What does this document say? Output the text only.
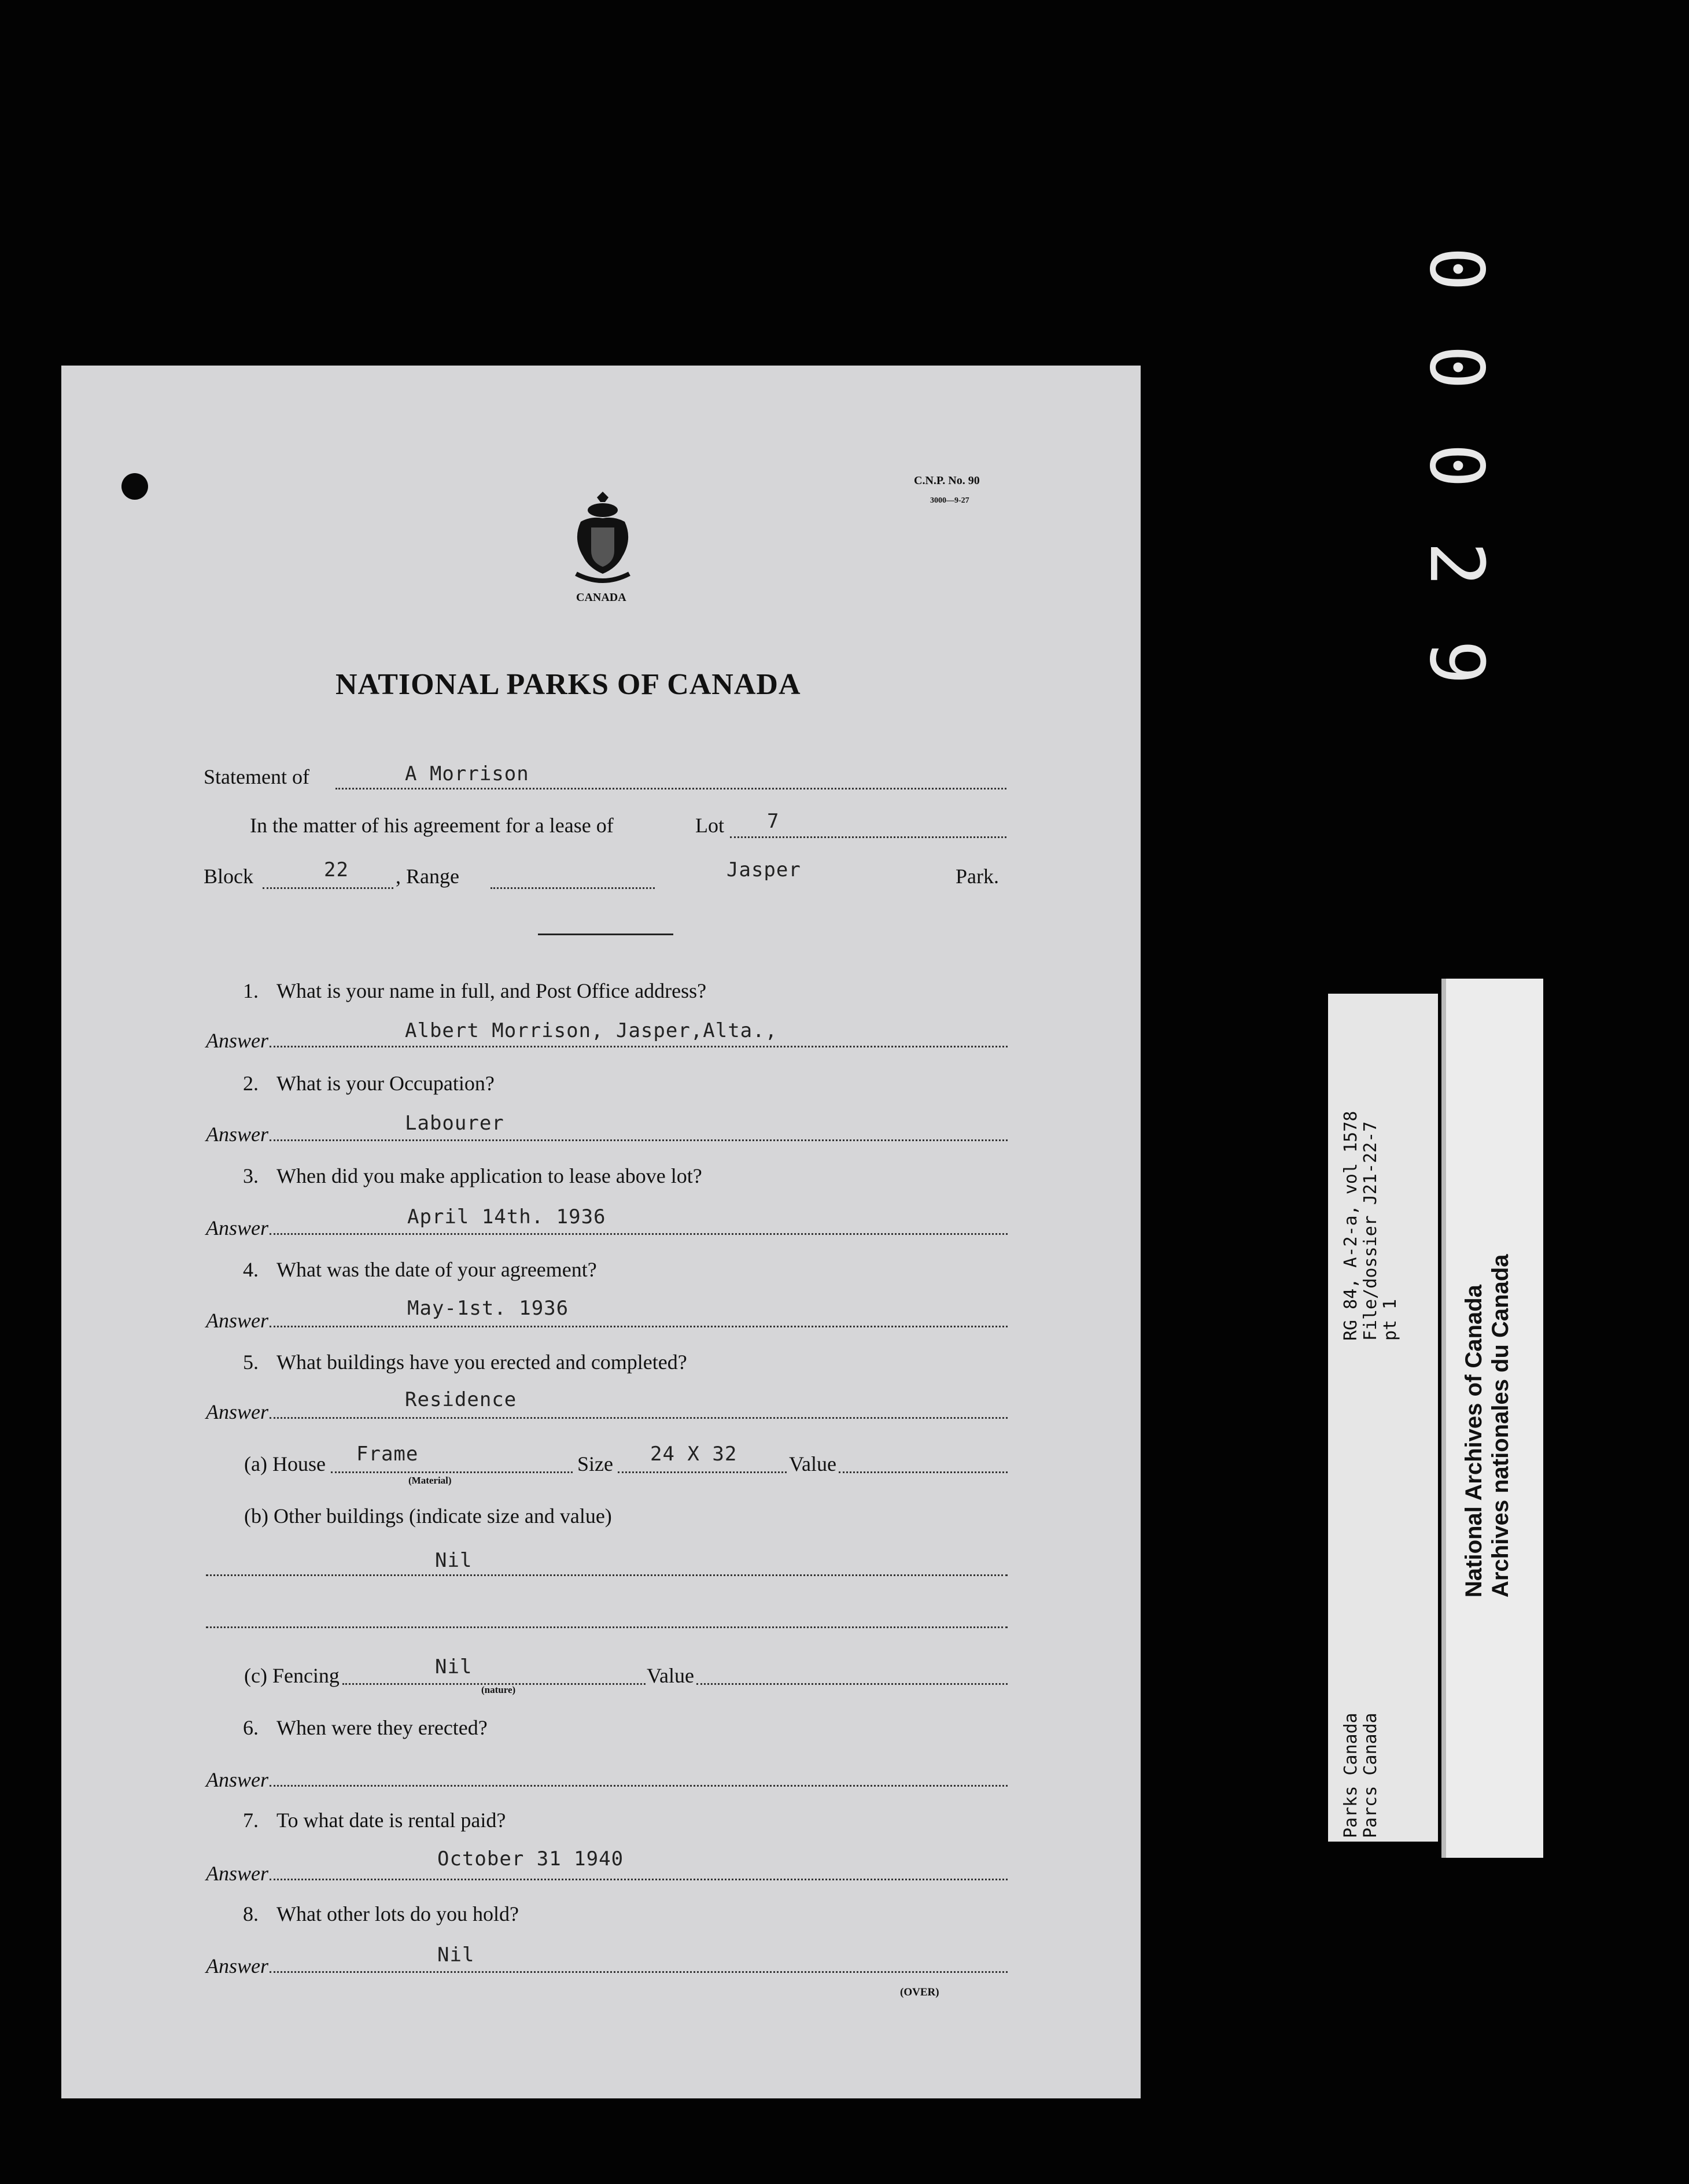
0
0
0
2
9
C.N.P. No. 90
3000—9-27
CANADA
NATIONAL PARKS OF CANADA
Statement of	A Morrison
In the matter of his agreement for a lease of	Lot 7
Block	22 , Range	Jasper	Park.
1. What is your name in full, and Post Office address?
Answer	Albert Morrison, Jasper,Alta.,
2. What is your Occupation?
Answer	Labourer
3. When did you make application to lease above lot?
Answer	April 14th. 1936
4. What was the date of your agreement?
Answer
May-1st. 1936
5. What buildings have you erected and completed?
Answer
Residence
(a) House Frame
(Material)
Size 24 X 32 Value
(b) Other buildings (indicate size and value)
Nil
(c) Fencing	Nil
(nature)
Value
6. When were they erected?
Answer
7. To what date is rental paid?
Answer
October 31 1940
8. What other lots do you hold?
Answer	Nil
(OVER)
Parks Canada Parcs Canada
RG 84, A-2-a, vol 1578 File/dossier J21-22-7 pt 1	National Archives of Canada Archives nationales du Canada
